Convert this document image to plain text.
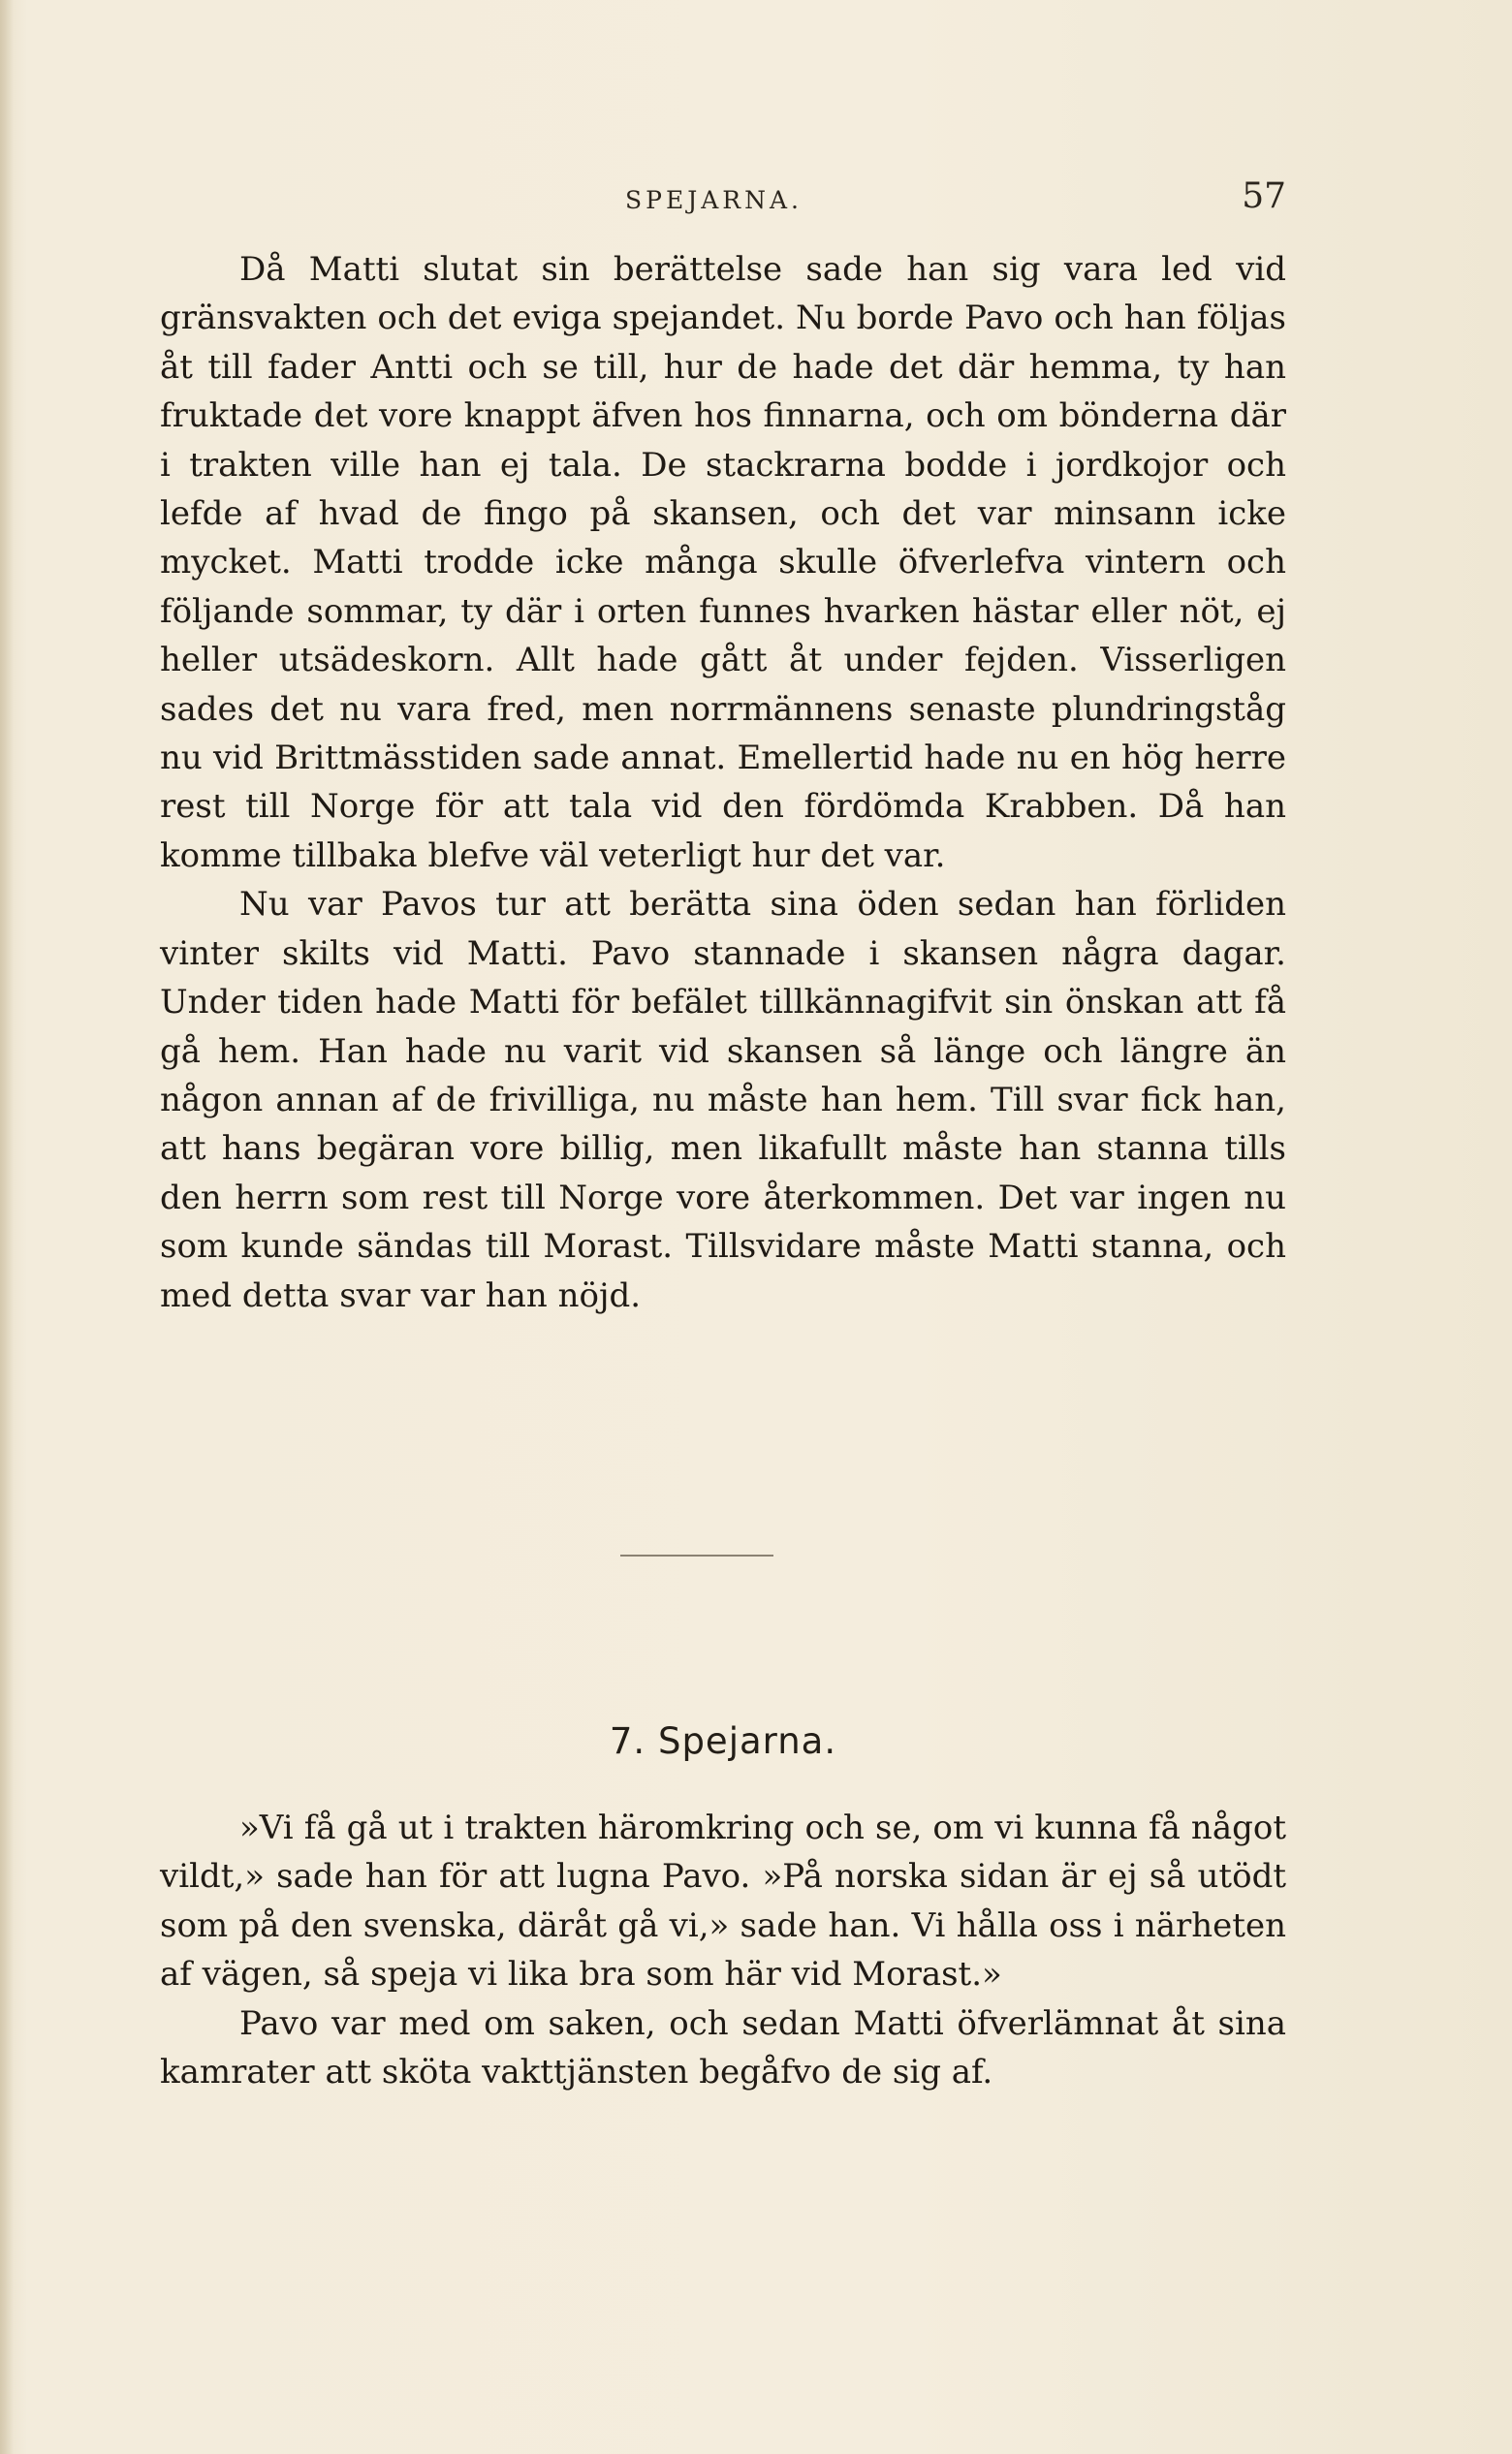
SPEJARNA.	57

Då Matti slutat sin berättelse sade han sig vara led vid gränsvakten och det eviga spejandet. Nu borde Pavo och han följas åt till fader Antti och se till, hur de hade det där hemma, ty han fruktade det vore knappt äfven hos finnarna, och om bönderna där i trakten ville han ej tala. De stackrarna bodde i jordkojor och lefde af hvad de fingo på skansen, och det var minsann icke mycket. Matti trodde icke många skulle öfverlefva vintern och följande sommar, ty där i orten funnes hvarken hästar eller nöt, ej heller utsädeskorn. Allt hade gått åt under fejden. Visserligen sades det nu vara fred, men norrmännens senaste plundringståg nu vid Brittmässtiden sade annat. Emellertid hade nu en hög herre rest till Norge för att tala vid den fördömda Krabben. Då han komme tillbaka blefve väl veterligt hur det var.

Nu var Pavos tur att berätta sina öden sedan han förliden vinter skilts vid Matti. Pavo stannade i skansen några dagar. Under tiden hade Matti för befälet tillkännagifvit sin önskan att få gå hem. Han hade nu varit vid skansen så länge och längre än någon annan af de frivilliga, nu måste han hem. Till svar fick han, att hans begäran vore billig, men likafullt måste han stanna tills den herrn som rest till Norge vore återkommen. Det var ingen nu som kunde sändas till Morast. Tillsvidare måste Matti stanna, och med detta svar var han nöjd.

7. Spejarna.

»Vi få gå ut i trakten häromkring och se, om vi kunna få något vildt,» sade han för att lugna Pavo. »På norska sidan är ej så utödt som på den svenska, däråt gå vi,» sade han. Vi hålla oss i närheten af vägen, så speja vi lika bra som här vid Morast.»

Pavo var med om saken, och sedan Matti öfverlämnat åt sina kamrater att sköta vakttjänsten begåfvo de sig af.
